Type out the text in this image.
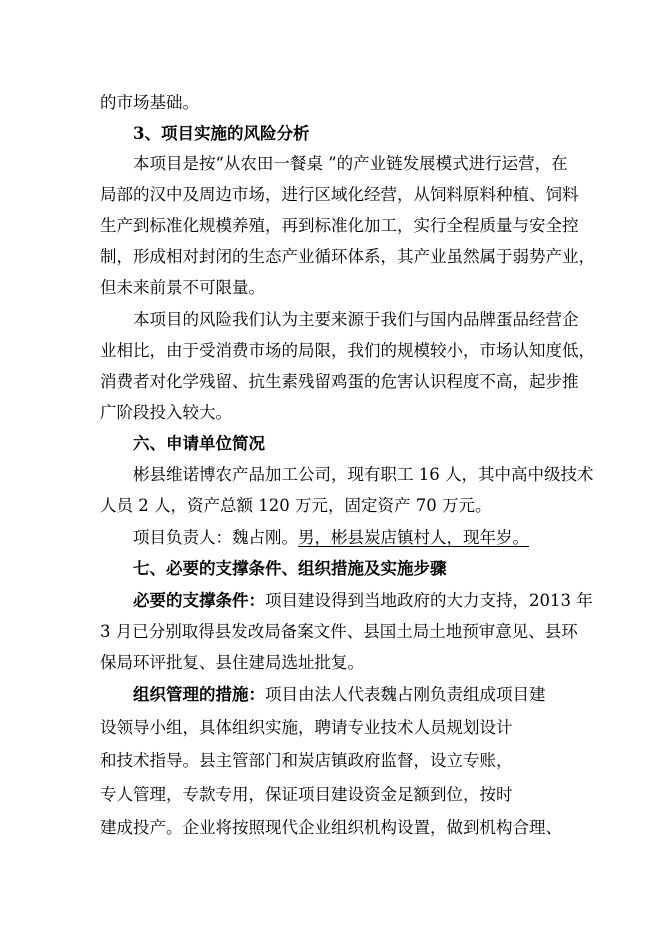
的市场基础。
3、项目实施的风险分析
本项目是按“从农田一餐桌 ”的产业链发展模式进行运营，在
局部的汉中及周边市场，进行区域化经营，从饲料原料种植、饲料
生产到标准化规模养殖，再到标准化加工，实行全程质量与安全控
制，形成相对封闭的生态产业循环体系，其产业虽然属于弱势产业，
但未来前景不可限量。
本项目的风险我们认为主要来源于我们与国内品牌蛋品经营企
业相比，由于受消费市场的局限，我们的规模较小，市场认知度低，
消费者对化学残留、抗生素残留鸡蛋的危害认识程度不高，起步推
广阶段投入较大。
六、申请单位简况
彬县维诺博农产品加工公司，现有职工 16 人，其中高中级技术
人员 2 人，资产总额 120 万元，固定资产 70 万元。
项目负责人：魏占刚。男，彬县炭店镇村人，现年岁。
七、必要的支撑条件、组织措施及实施步骤
必要的支撑条件：项目建设得到当地政府的大力支持，2013 年
3 月已分别取得县发改局备案文件、县国土局土地预审意见、县环
保局环评批复、县住建局选址批复。
组织管理的措施：项目由法人代表魏占刚负责组成项目建
设领导小组，具体组织实施，聘请专业技术人员规划设计
和技术指导。县主管部门和炭店镇政府监督，设立专账，
专人管理，专款专用，保证项目建设资金足额到位，按时
建成投产。企业将按照现代企业组织机构设置，做到机构合理、
